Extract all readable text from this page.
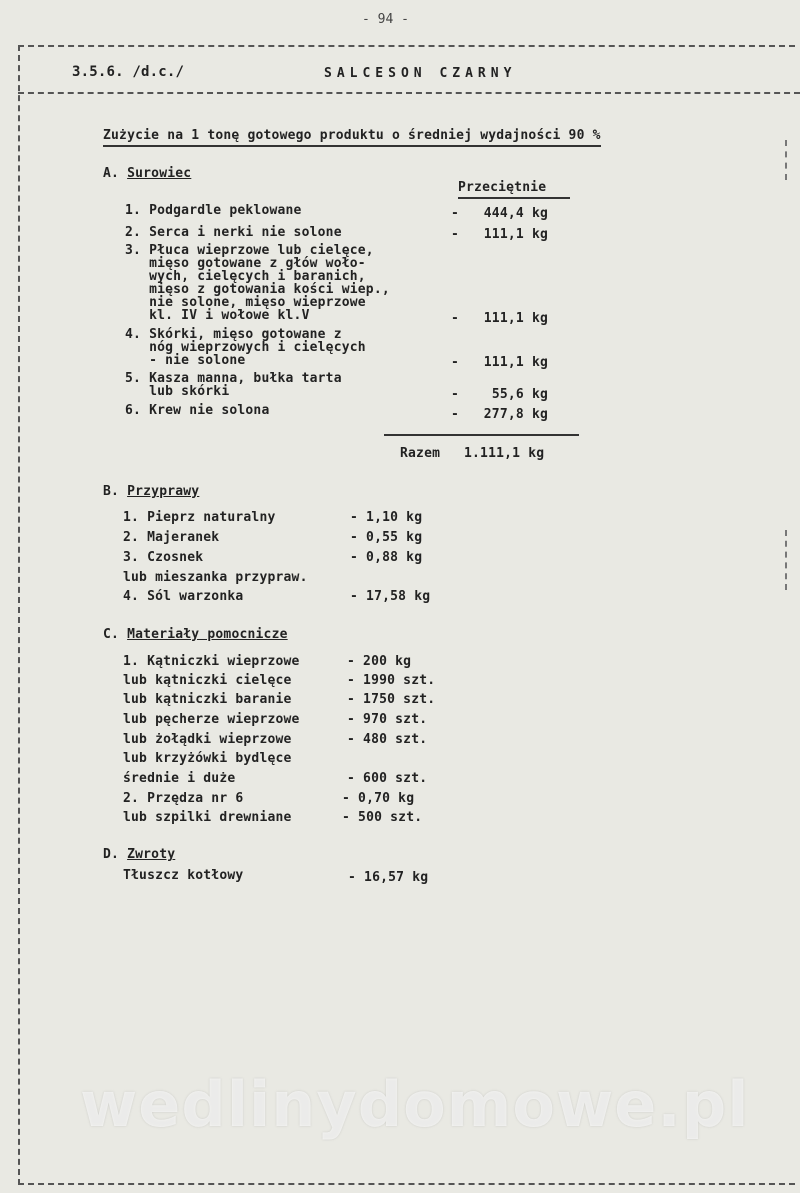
- 94 -
3.5.6. /d.c./	SALCESON CZARNY
Zużycie na 1 tonę gotowego produktu o średniej wydajności 90 %
A. Surowiec
Przeciętnie
1. Podgardle peklowane	- 444,4 kg
2. Serca i nerki nie solone	- 111,1 kg
3. Płuca wieprzowe lub cielęce,
mięso gotowane z głów woło-
wych, cielęcych i baranich,
mięso z gotowania kości wiep.,
nie solone, mięso wieprzowe
kl. IV i wołowe kl.V	- 111,1 kg
4. Skórki, mięso gotowane z
nóg wieprzowych i cielęcych
- nie solone	- 111,1 kg
5. Kasza manna, bułka tarta
lub skórki	-	55,6 kg
6. Krew nie solona	- 277,8 kg
Razem 1.111,1 kg
B. Przyprawy
1. Pieprz naturalny	- 1,10 kg
2. Majeranek	- 0,55 kg
3. Czosnek	- 0,88 kg
lub mieszanka przypraw.
4. Sól warzonka	- 17,58 kg
C. Materiały pomocnicze
1. Kątniczki wieprzowe	- 200 kg
lub kątniczki cielęce	- 1990 szt.
lub kątniczki baranie	- 1750 szt.
lub pęcherze wieprzowe	- 970 szt.
lub żołądki wieprzowe	- 480 szt.
lub krzyżówki bydlęce
średnie i duże	- 600 szt.
2. Przędza nr 6	- 0,70 kg
lub szpilki drewniane	- 500 szt.
D. Zwroty
Tłuszcz kotłowy	- 16,57 kg
wedlinydomowe.pl
